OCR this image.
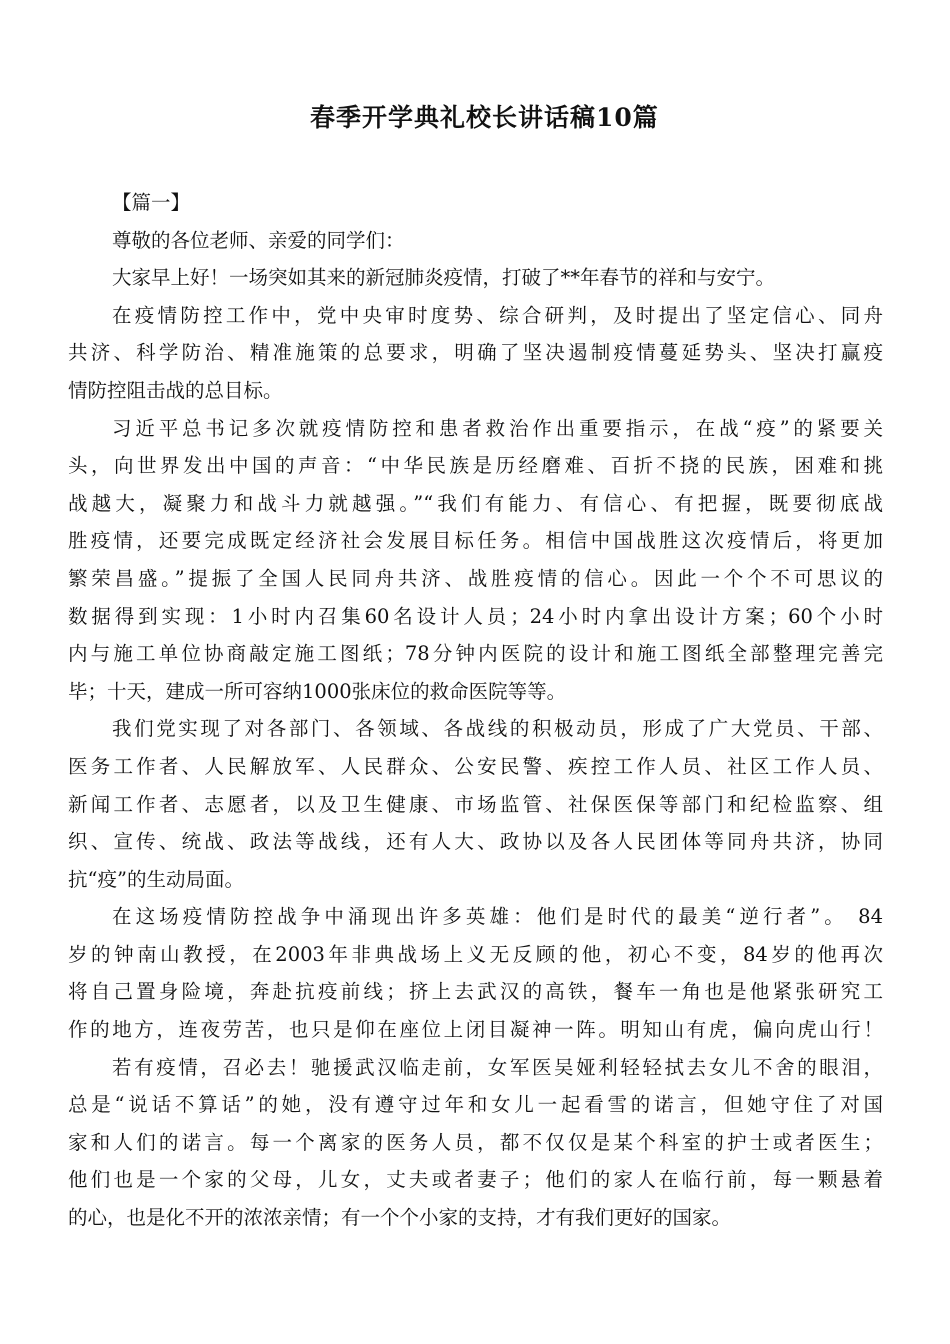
春季开学典礼校长讲话稿10篇
【篇一】
尊敬的各位老师、亲爱的同学们：
大家早上好！一场突如其来的新冠肺炎疫情，打破了**年春节的祥和与安宁。
在疫情防控工作中，党中央审时度势、综合研判，及时提出了坚定信心、同舟
共济、科学防治、精准施策的总要求，明确了坚决遏制疫情蔓延势头、坚决打赢疫
情防控阻击战的总目标。
习近平总书记多次就疫情防控和患者救治作出重要指示，在战“疫”的紧要关
头，向世界发出中国的声音：“中华民族是历经磨难、百折不挠的民族，困难和挑
战越大，凝聚力和战斗力就越强。”“我们有能力、有信心、有把握，既要彻底战
胜疫情，还要完成既定经济社会发展目标任务。相信中国战胜这次疫情后，将更加
繁荣昌盛。”提振了全国人民同舟共济、战胜疫情的信心。因此一个个不可思议的
数据得到实现：1小时内召集60名设计人员；24小时内拿出设计方案；60个小时
内与施工单位协商敲定施工图纸；78分钟内医院的设计和施工图纸全部整理完善完
毕；十天，建成一所可容纳1000张床位的救命医院等等。
我们党实现了对各部门、各领域、各战线的积极动员，形成了广大党员、干部、
医务工作者、人民解放军、人民群众、公安民警、疾控工作人员、社区工作人员、
新闻工作者、志愿者，以及卫生健康、市场监管、社保医保等部门和纪检监察、组
织、宣传、统战、政法等战线，还有人大、政协以及各人民团体等同舟共济，协同
抗“疫”的生动局面。
在这场疫情防控战争中涌现出许多英雄：他们是时代的最美“逆行者”。 84
岁的钟南山教授，在2003年非典战场上义无反顾的他，初心不变，84岁的他再次
将自己置身险境，奔赴抗疫前线；挤上去武汉的高铁，餐车一角也是他紧张研究工
作的地方，连夜劳苦，也只是仰在座位上闭目凝神一阵。明知山有虎，偏向虎山行！
若有疫情，召必去！驰援武汉临走前，女军医吴娅利轻轻拭去女儿不舍的眼泪，
总是“说话不算话”的她，没有遵守过年和女儿一起看雪的诺言，但她守住了对国
家和人们的诺言。每一个离家的医务人员，都不仅仅是某个科室的护士或者医生；
他们也是一个家的父母，儿女，丈夫或者妻子；他们的家人在临行前，每一颗悬着
的心，也是化不开的浓浓亲情；有一个个小家的支持，才有我们更好的国家。
